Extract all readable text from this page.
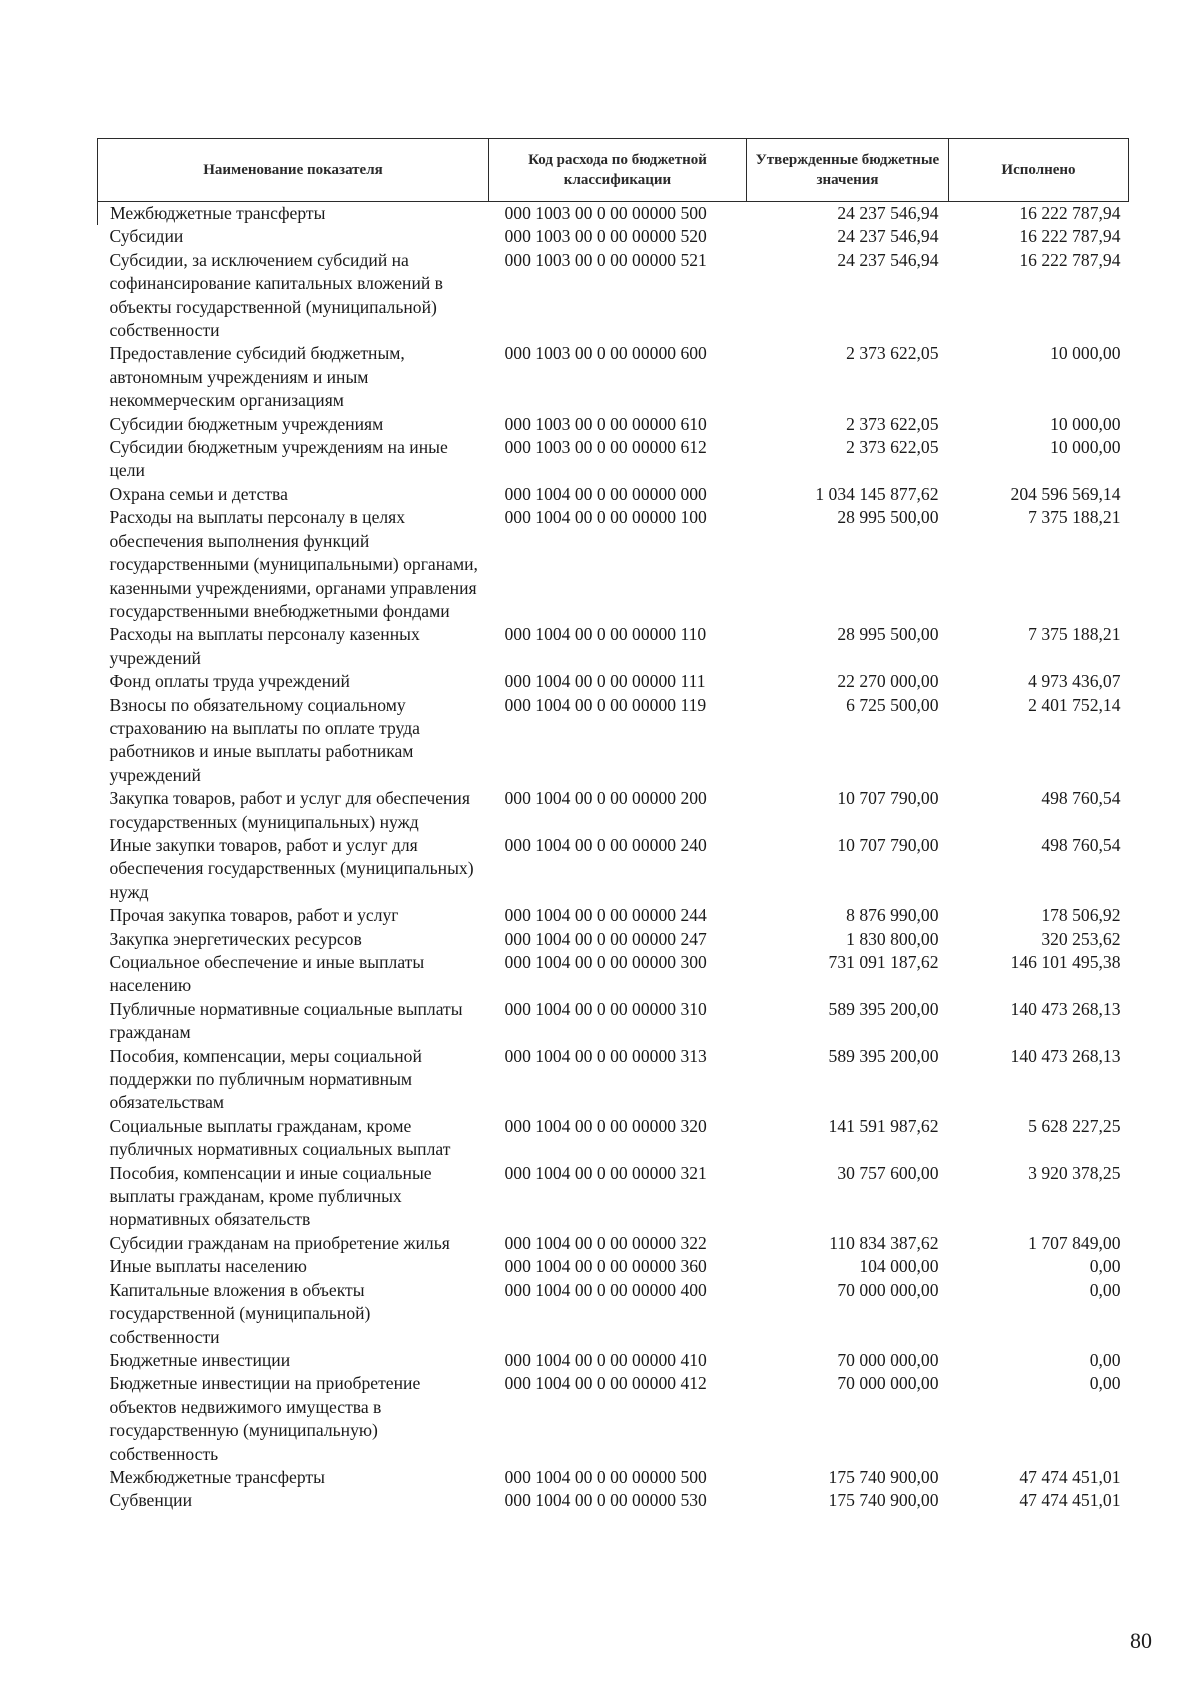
Наименование показателя	Код расхода по бюджетной классификации	Утвержденные бюджетные значения	Исполнено
Межбюджетные трансферты	000 1003 00 0 00 00000 500	24 237 546,94	16 222 787,94
Субсидии	000 1003 00 0 00 00000 520	24 237 546,94	16 222 787,94
Субсидии, за исключением субсидий на софинансирование капитальных вложений в объекты государственной (муниципальной) собственности	000 1003 00 0 00 00000 521	24 237 546,94	16 222 787,94
Предоставление субсидий бюджетным, автономным учреждениям и иным некоммерческим организациям	000 1003 00 0 00 00000 600	2 373 622,05	10 000,00
Субсидии бюджетным учреждениям	000 1003 00 0 00 00000 610	2 373 622,05	10 000,00
Субсидии бюджетным учреждениям на иные цели	000 1003 00 0 00 00000 612	2 373 622,05	10 000,00
Охрана семьи и детства	000 1004 00 0 00 00000 000	1 034 145 877,62	204 596 569,14
Расходы на выплаты персоналу в целях обеспечения выполнения функций государственными (муниципальными) органами, казенными учреждениями, органами управления государственными внебюджетными фондами	000 1004 00 0 00 00000 100	28 995 500,00	7 375 188,21
Расходы на выплаты персоналу казенных учреждений	000 1004 00 0 00 00000 110	28 995 500,00	7 375 188,21
Фонд оплаты труда учреждений	000 1004 00 0 00 00000 111	22 270 000,00	4 973 436,07
Взносы по обязательному социальному страхованию на выплаты по оплате труда работников и иные выплаты работникам учреждений	000 1004 00 0 00 00000 119	6 725 500,00	2 401 752,14
Закупка товаров, работ и услуг для обеспечения государственных (муниципальных) нужд	000 1004 00 0 00 00000 200	10 707 790,00	498 760,54
Иные закупки товаров, работ и услуг для обеспечения государственных (муниципальных) нужд	000 1004 00 0 00 00000 240	10 707 790,00	498 760,54
Прочая закупка товаров, работ и услуг	000 1004 00 0 00 00000 244	8 876 990,00	178 506,92
Закупка энергетических ресурсов	000 1004 00 0 00 00000 247	1 830 800,00	320 253,62
Социальное обеспечение и иные выплаты населению	000 1004 00 0 00 00000 300	731 091 187,62	146 101 495,38
Публичные нормативные социальные выплаты гражданам	000 1004 00 0 00 00000 310	589 395 200,00	140 473 268,13
Пособия, компенсации, меры социальной поддержки по публичным нормативным обязательствам	000 1004 00 0 00 00000 313	589 395 200,00	140 473 268,13
Социальные выплаты гражданам, кроме публичных нормативных социальных выплат	000 1004 00 0 00 00000 320	141 591 987,62	5 628 227,25
Пособия, компенсации и иные социальные выплаты гражданам, кроме публичных нормативных обязательств	000 1004 00 0 00 00000 321	30 757 600,00	3 920 378,25
Субсидии гражданам на приобретение жилья	000 1004 00 0 00 00000 322	110 834 387,62	1 707 849,00
Иные выплаты населению	000 1004 00 0 00 00000 360	104 000,00	0,00
Капитальные вложения в объекты государственной (муниципальной) собственности	000 1004 00 0 00 00000 400	70 000 000,00	0,00
Бюджетные инвестиции	000 1004 00 0 00 00000 410	70 000 000,00	0,00
Бюджетные инвестиции на приобретение объектов недвижимого имущества в государственную (муниципальную) собственность	000 1004 00 0 00 00000 412	70 000 000,00	0,00
Межбюджетные трансферты	000 1004 00 0 00 00000 500	175 740 900,00	47 474 451,01
Субвенции	000 1004 00 0 00 00000 530	175 740 900,00	47 474 451,01
80
